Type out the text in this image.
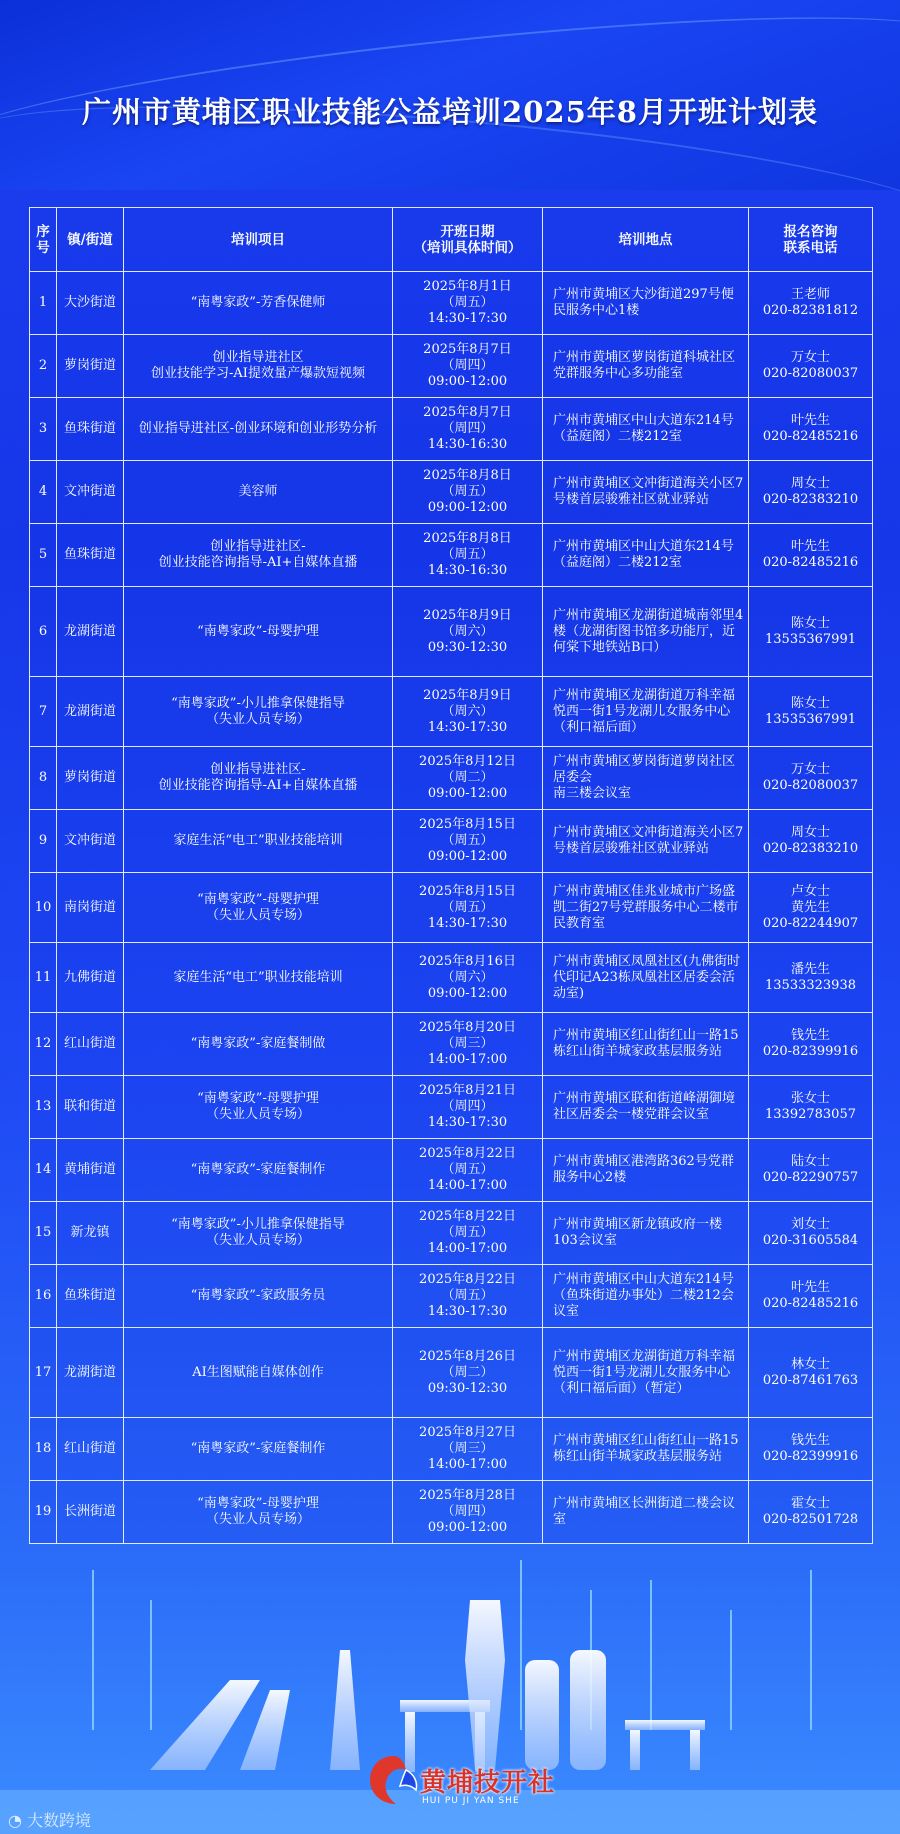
广州市黄埔区职业技能公益培训2025年8月开班计划表
序
号	镇/街道	培训项目	开班日期
（培训具体时间）	培训地点	报名咨询
联系电话
1	大沙街道	“南粤家政”-芳香保健师	2025年8月1日
（周五）
14:30-17:30	广州市黄埔区大沙街道297号便民服务中心1楼	王老师
020-82381812
2	萝岗街道	创业指导进社区
创业技能学习-AI提效量产爆款短视频	2025年8月7日
（周四）
09:00-12:00	广州市黄埔区萝岗街道科城社区党群服务中心多功能室	万女士
020-82080037
3	鱼珠街道	创业指导进社区-创业环境和创业形势分析	2025年8月7日
（周四）
14:30-16:30	广州市黄埔区中山大道东214号（益庭阁）二楼212室	叶先生
020-82485216
4	文冲街道	美容师	2025年8月8日
（周五）
09:00-12:00	广州市黄埔区文冲街道海关小区7号楼首层骏雅社区就业驿站	周女士
020-82383210
5	鱼珠街道	创业指导进社区-
创业技能咨询指导-AI+自媒体直播	2025年8月8日
（周五）
14:30-16:30	广州市黄埔区中山大道东214号（益庭阁）二楼212室	叶先生
020-82485216
6	龙湖街道	“南粤家政”-母婴护理	2025年8月9日
（周六）
09:30-12:30	广州市黄埔区龙湖街道城南邻里4楼（龙湖街图书馆多功能厅，近何棠下地铁站B口）	陈女士
13535367991
7	龙湖街道	“南粤家政”-小儿推拿保健指导
（失业人员专场）	2025年8月9日
（周六）
14:30-17:30	广州市黄埔区龙湖街道万科幸福悦西一街1号龙湖儿女服务中心（利口福后面）	陈女士
13535367991
8	萝岗街道	创业指导进社区-
创业技能咨询指导-AI+自媒体直播	2025年8月12日
（周二）
09:00-12:00	广州市黄埔区萝岗街道萝岗社区居委会
南三楼会议室	万女士
020-82080037
9	文冲街道	家庭生活“电工”职业技能培训	2025年8月15日
（周五）
09:00-12:00	广州市黄埔区文冲街道海关小区7号楼首层骏雅社区就业驿站	周女士
020-82383210
10	南岗街道	“南粤家政”-母婴护理
（失业人员专场）	2025年8月15日
（周五）
14:30-17:30	广州市黄埔区佳兆业城市广场盛凯二街27号党群服务中心二楼市民教育室	卢女士
黄先生
020-82244907
11	九佛街道	家庭生活“电工”职业技能培训	2025年8月16日
（周六）
09:00-12:00	广州市黄埔区凤凰社区(九佛街时代印记A23栋凤凰社区居委会活动室)	潘先生
13533323938
12	红山街道	“南粤家政”-家庭餐制做	2025年8月20日
（周三）
14:00-17:00	广州市黄埔区红山街红山一路15栋红山街羊城家政基层服务站	钱先生
020-82399916
13	联和街道	“南粤家政”-母婴护理
（失业人员专场）	2025年8月21日
（周四）
14:30-17:30	广州市黄埔区联和街道峰湖御境社区居委会一楼党群会议室	张女士
13392783057
14	黄埔街道	“南粤家政”-家庭餐制作	2025年8月22日
（周五）
14:00-17:00	广州市黄埔区港湾路362号党群服务中心2楼	陆女士
020-82290757
15	新龙镇	“南粤家政”-小儿推拿保健指导
（失业人员专场）	2025年8月22日
（周五）
14:00-17:00	广州市黄埔区新龙镇政府一楼103会议室	刘女士
020-31605584
16	鱼珠街道	“南粤家政”-家政服务员	2025年8月22日
（周五）
14:30-17:30	广州市黄埔区中山大道东214号（鱼珠街道办事处）二楼212会议室	叶先生
020-82485216
17	龙湖街道	AI生图赋能自媒体创作	2025年8月26日
（周二）
09:30-12:30	广州市黄埔区龙湖街道万科幸福悦西一街1号龙湖儿女服务中心（利口福后面）（暂定）	林女士
020-87461763
18	红山街道	“南粤家政”-家庭餐制作	2025年8月27日
（周三）
14:00-17:00	广州市黄埔区红山街红山一路15栋红山街羊城家政基层服务站	钱先生
020-82399916
19	长洲街道	“南粤家政”-母婴护理
（失业人员专场）	2025年8月28日
（周四）
09:00-12:00	广州市黄埔区长洲街道二楼会议室	霍女士
020-82501728
黄埔技开社
HUI PU JI YAN SHE
◔ 大数跨境
